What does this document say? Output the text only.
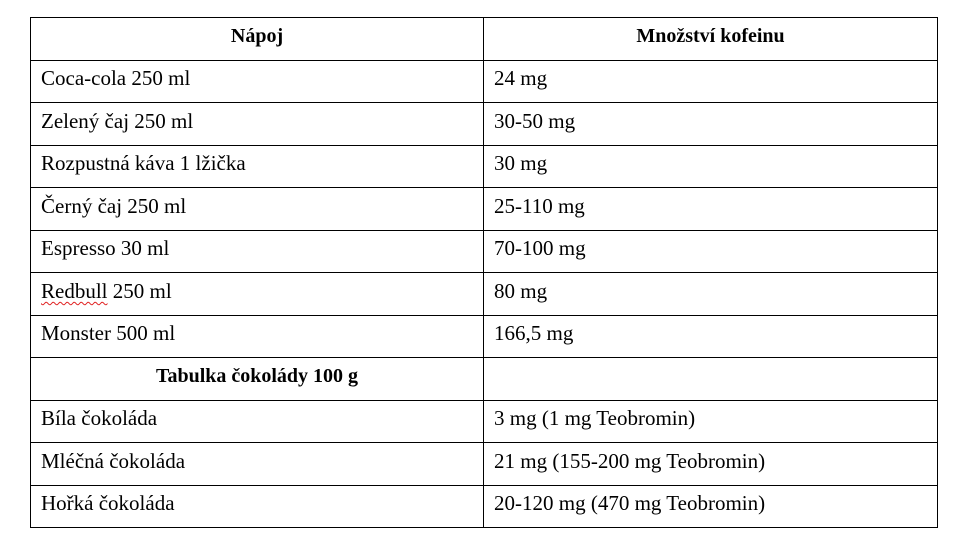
Nápoj	Množství kofeinu
Coca-cola 250 ml	24 mg
Zelený čaj 250 ml	30-50 mg
Rozpustná káva 1 lžička	30 mg
Černý čaj 250 ml	25-110 mg
Espresso 30 ml	70-100 mg
Redbull 250 ml	80 mg
Monster 500 ml	166,5 mg
Tabulka čokolády 100 g	
Bíla čokoláda	3 mg (1 mg Teobromin)
Mléčná čokoláda	21 mg (155-200 mg Teobromin)
Hořká čokoláda	20-120 mg (470 mg Teobromin)
